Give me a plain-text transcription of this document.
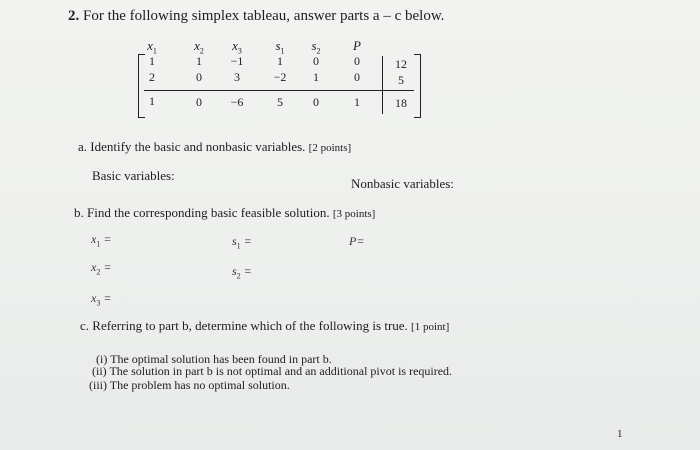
2. For the following simplex tableau, answer parts a – c below.
$x_1$	$x_2$	$x_3$	$s_1$	$s_2$	P
1	1	−1	1	0	0	12
2	0	3	−2	1	0	5
1	0	−6	5	0	1	18
a. Identify the basic and nonbasic variables. [2 points]
Basic variables:
Nonbasic variables:
b. Find the corresponding basic feasible solution. [3 points]
$x_1$ =	$s_1$ =	P=
$x_2$ =	$s_2$ =
$x_3$ =
c. Referring to part b, determine which of the following is true. [1 point]
(i) The optimal solution has been found in part b.
(ii) The solution in part b is not optimal and an additional pivot is required.
(iii) The problem has no optimal solution.
1
